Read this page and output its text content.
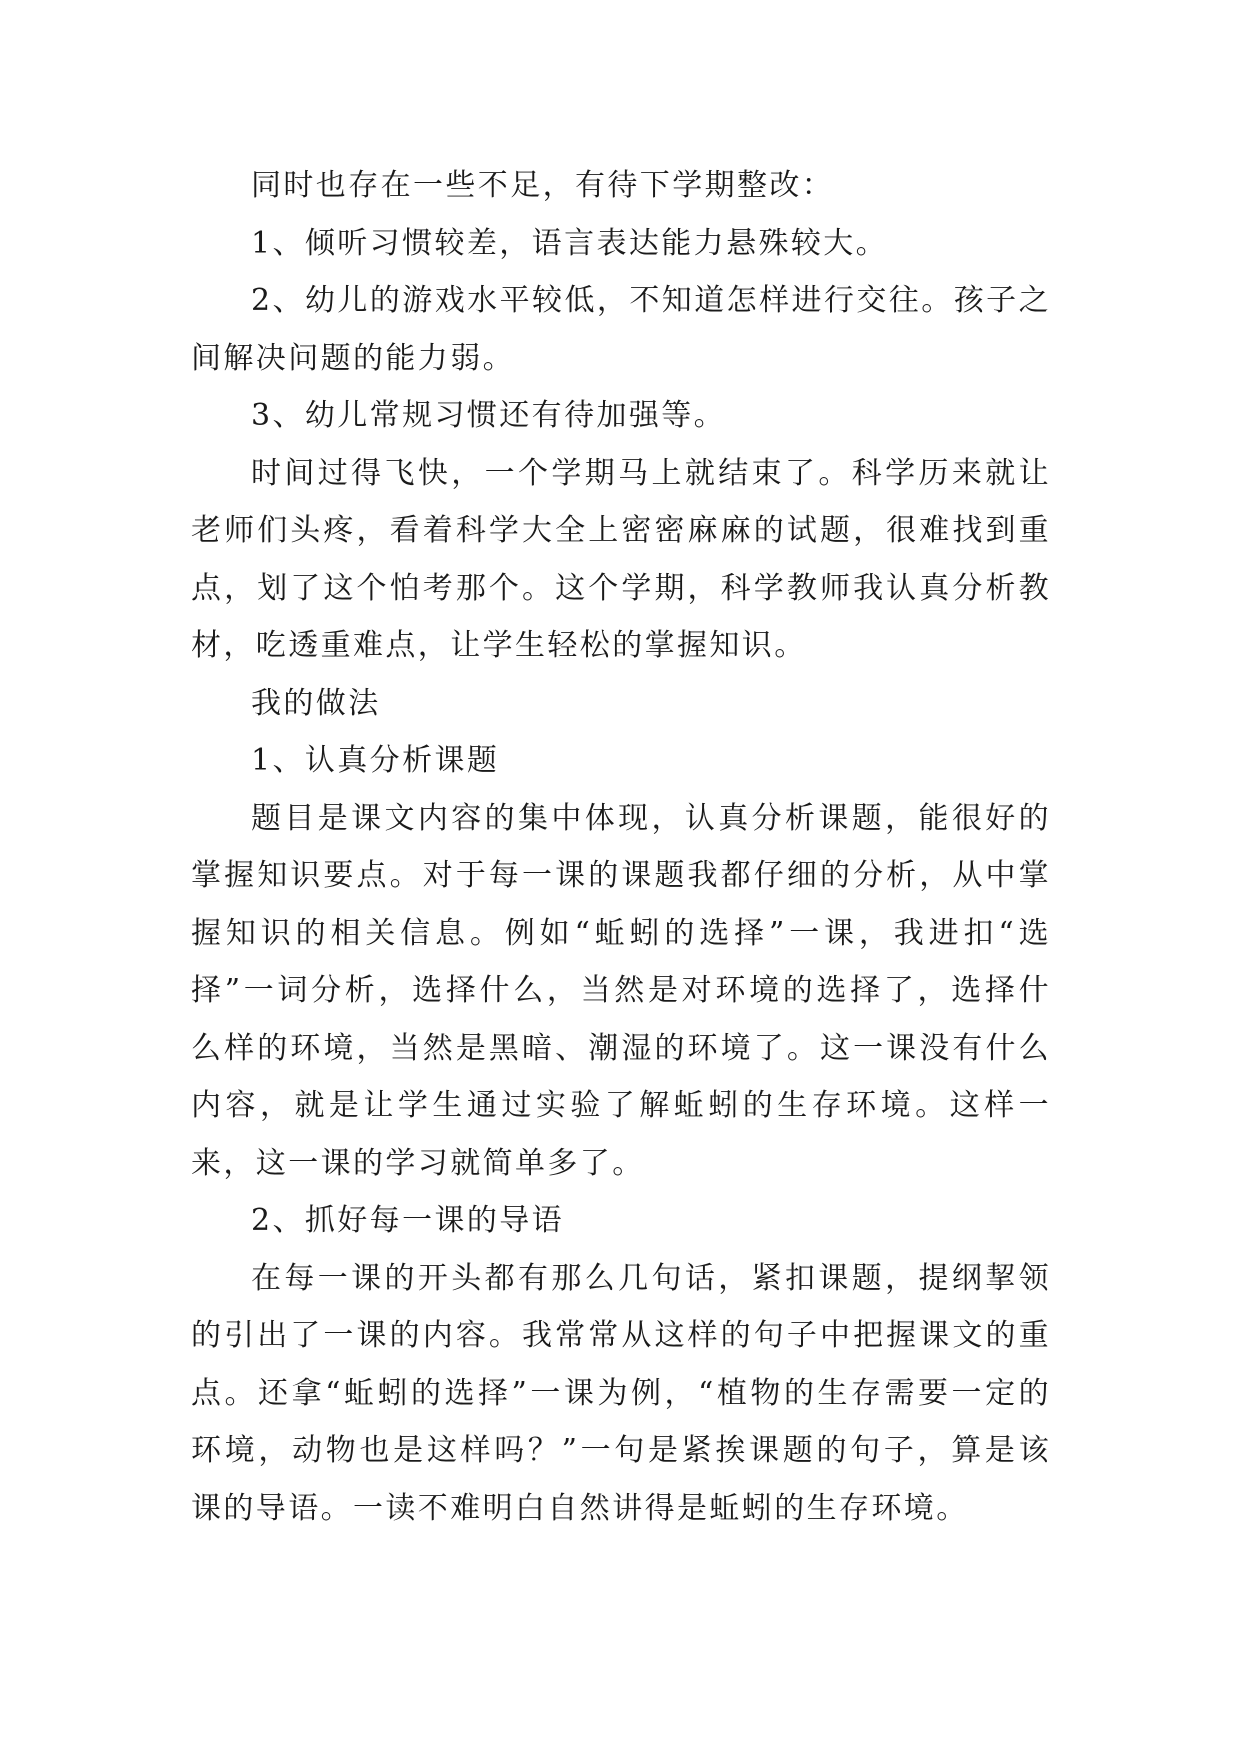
同时也存在一些不足，有待下学期整改：

1、倾听习惯较差，语言表达能力悬殊较大。

2、幼儿的游戏水平较低，不知道怎样进行交往。孩子之间解决问题的能力弱。

3、幼儿常规习惯还有待加强等。

时间过得飞快，一个学期马上就结束了。科学历来就让老师们头疼，看着科学大全上密密麻麻的试题，很难找到重点，划了这个怕考那个。这个学期，科学教师我认真分析教材，吃透重难点，让学生轻松的掌握知识。

我的做法

1、认真分析课题

题目是课文内容的集中体现，认真分析课题，能很好的掌握知识要点。对于每一课的课题我都仔细的分析，从中掌握知识的相关信息。例如“蚯蚓的选择”一课，我进扣“选择”一词分析，选择什么，当然是对环境的选择了，选择什么样的环境，当然是黑暗、潮湿的环境了。这一课没有什么内容，就是让学生通过实验了解蚯蚓的生存环境。这样一来，这一课的学习就简单多了。

2、抓好每一课的导语

在每一课的开头都有那么几句话，紧扣课题，提纲挈领的引出了一课的内容。我常常从这样的句子中把握课文的重点。还拿“蚯蚓的选择”一课为例，“植物的生存需要一定的环境，动物也是这样吗？”一句是紧挨课题的句子，算是该课的导语。一读不难明白自然讲得是蚯蚓的生存环境。
